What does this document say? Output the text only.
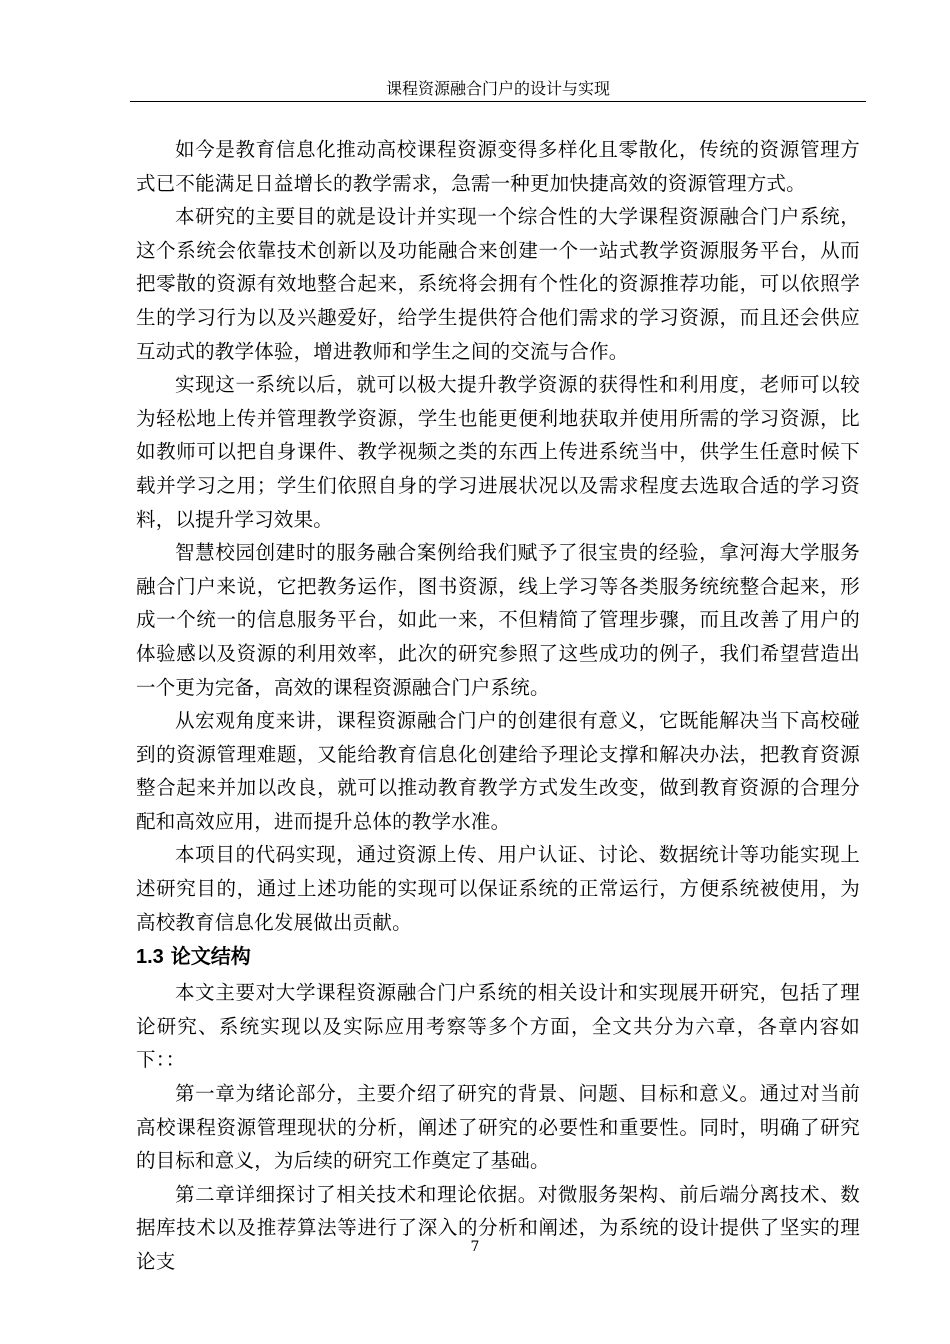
课程资源融合门户的设计与实现

如今是教育信息化推动高校课程资源变得多样化且零散化，传统的资源管理方式已不能满足日益增长的教学需求，急需一种更加快捷高效的资源管理方式。

本研究的主要目的就是设计并实现一个综合性的大学课程资源融合门户系统，这个系统会依靠技术创新以及功能融合来创建一个一站式教学资源服务平台，从而把零散的资源有效地整合起来，系统将会拥有个性化的资源推荐功能，可以依照学生的学习行为以及兴趣爱好，给学生提供符合他们需求的学习资源，而且还会供应互动式的教学体验，增进教师和学生之间的交流与合作。

实现这一系统以后，就可以极大提升教学资源的获得性和利用度，老师可以较为轻松地上传并管理教学资源，学生也能更便利地获取并使用所需的学习资源，比如教师可以把自身课件、教学视频之类的东西上传进系统当中，供学生任意时候下载并学习之用；学生们依照自身的学习进展状况以及需求程度去选取合适的学习资料，以提升学习效果。

智慧校园创建时的服务融合案例给我们赋予了很宝贵的经验，拿河海大学服务融合门户来说，它把教务运作，图书资源，线上学习等各类服务统统整合起来，形成一个统一的信息服务平台，如此一来，不但精简了管理步骤，而且改善了用户的体验感以及资源的利用效率，此次的研究参照了这些成功的例子，我们希望营造出一个更为完备，高效的课程资源融合门户系统。

从宏观角度来讲，课程资源融合门户的创建很有意义，它既能解决当下高校碰到的资源管理难题，又能给教育信息化创建给予理论支撑和解决办法，把教育资源整合起来并加以改良，就可以推动教育教学方式发生改变，做到教育资源的合理分配和高效应用，进而提升总体的教学水准。

本项目的代码实现，通过资源上传、用户认证、讨论、数据统计等功能实现上述研究目的，通过上述功能的实现可以保证系统的正常运行，方便系统被使用，为高校教育信息化发展做出贡献。

1.3 论文结构

本文主要对大学课程资源融合门户系统的相关设计和实现展开研究，包括了理论研究、系统实现以及实际应用考察等多个方面，全文共分为六章，各章内容如下：：

第一章为绪论部分，主要介绍了研究的背景、问题、目标和意义。通过对当前高校课程资源管理现状的分析，阐述了研究的必要性和重要性。同时，明确了研究的目标和意义，为后续的研究工作奠定了基础。

第二章详细探讨了相关技术和理论依据。对微服务架构、前后端分离技术、数据库技术以及推荐算法等进行了深入的分析和阐述，为系统的设计提供了坚实的理论支

7
